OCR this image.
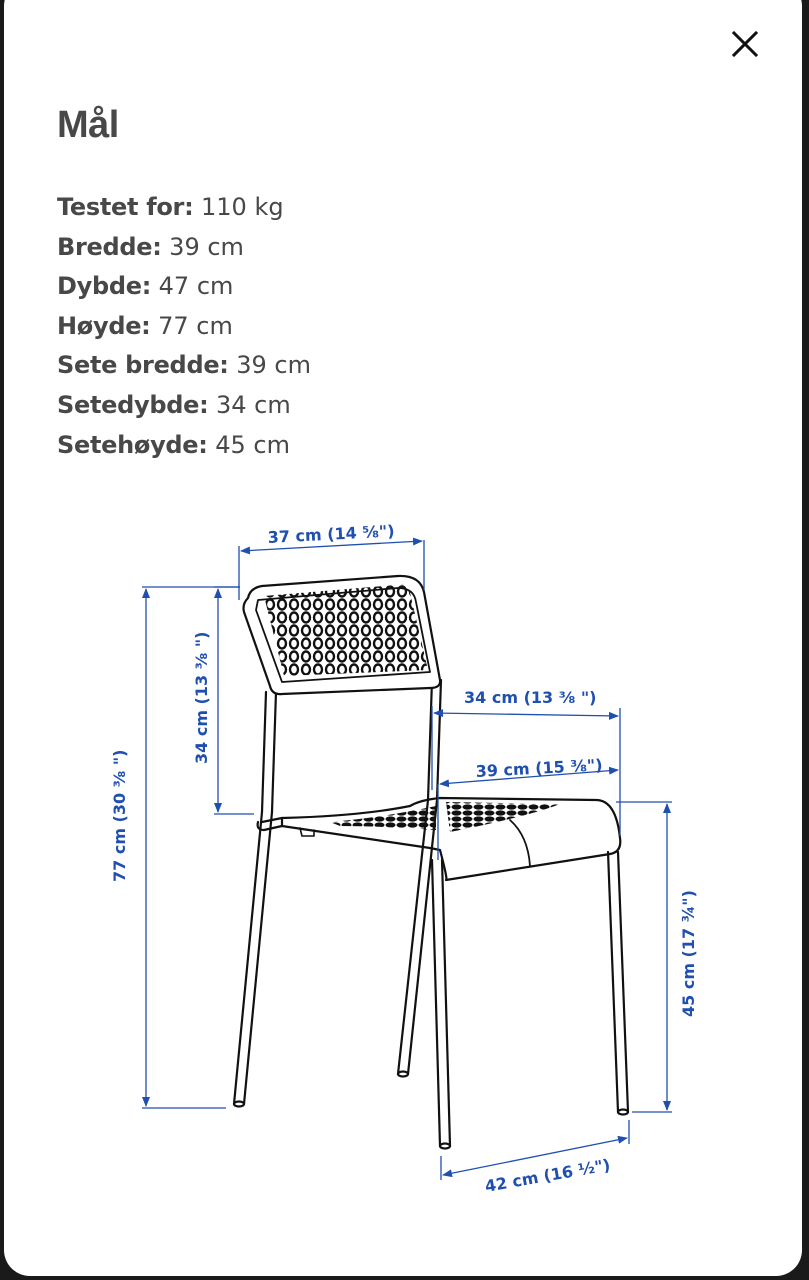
Mål
Testet for: 110 kg
Bredde: 39 cm
Dybde: 47 cm
Høyde: 77 cm
Sete bredde: 39 cm
Setedybde: 34 cm
Setehøyde: 45 cm
37 cm (14 ⅝")
77 cm (30 ⅜ ")
34 cm (13 ⅜ ")	34 cm (13 ⅜ ")
39 cm (15 ⅜")
45 cm (17 ¾")
42 cm (16 ½")
